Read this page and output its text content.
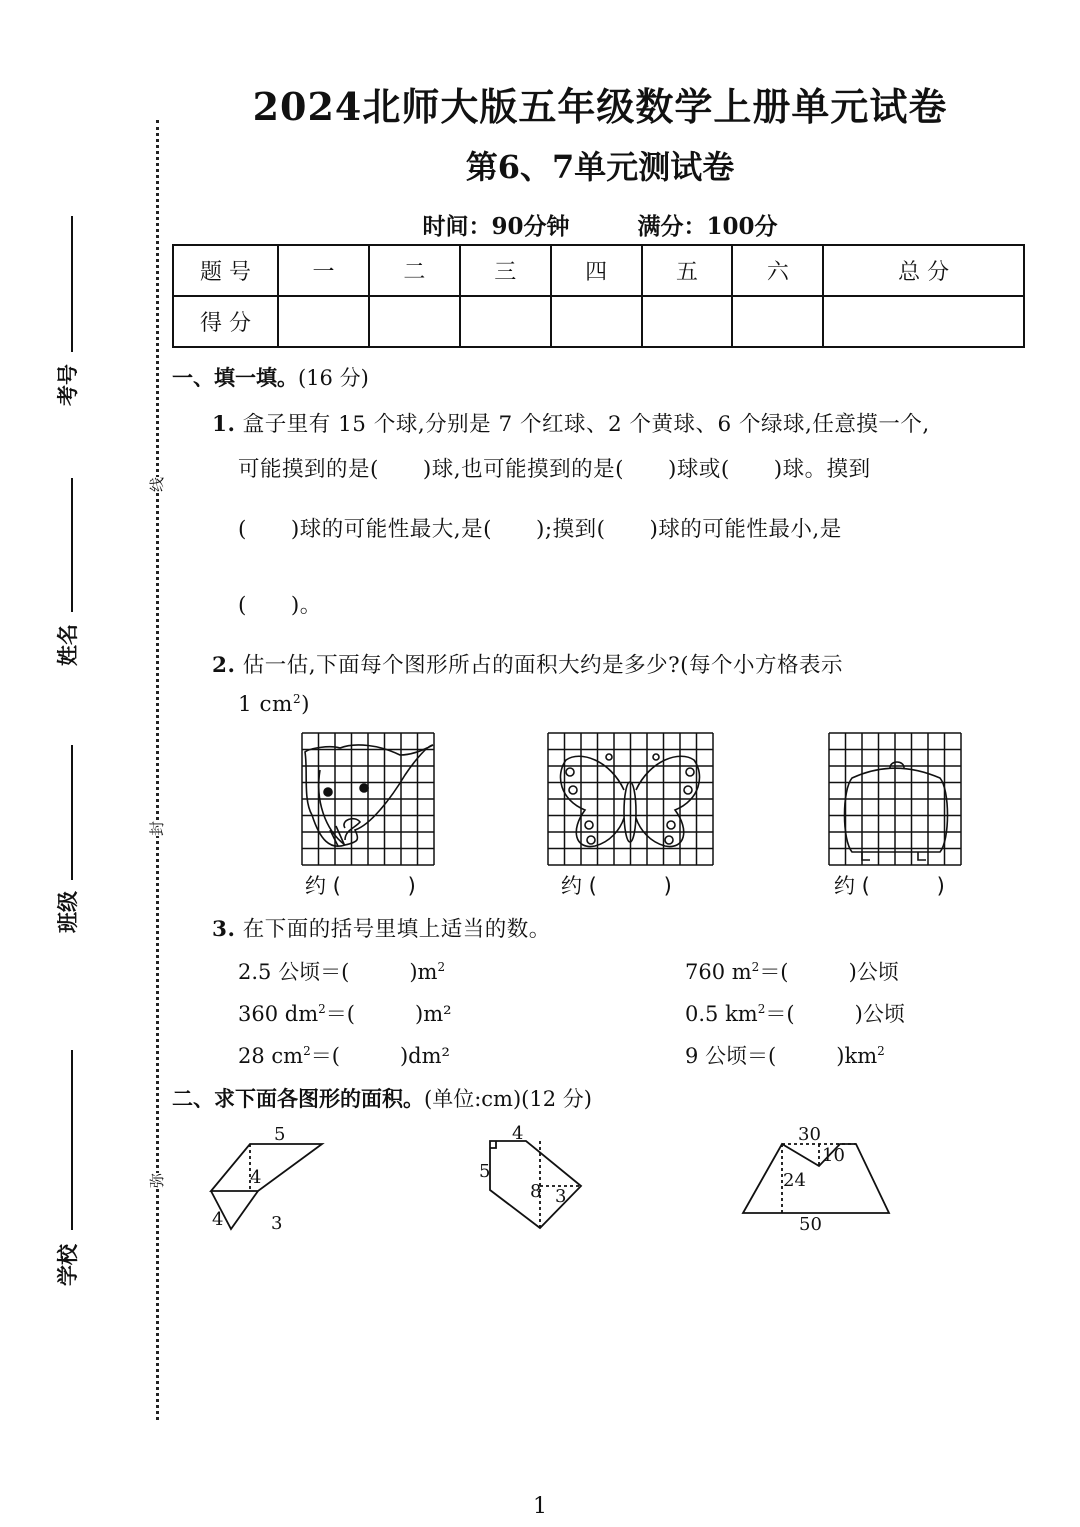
考号
姓名
班级
学校
线
封
弥
2024北师大版五年级数学上册单元试卷
第6、7单元测试卷
时间：90分钟	满分：100分
题 号	一	二	三	四	五	六	总 分
得 分							
一、填一填。(16 分)
1. 盒子里有 15 个球,分别是 7 个红球、2 个黄球、6 个绿球,任意摸一个,
可能摸到的是(      )球,也可能摸到的是(      )球或(      )球。摸到
(      )球的可能性最大,是(      );摸到(      )球的可能性最小,是
(      )。
2. 估一估,下面每个图形所占的面积大约是多少?(每个小方格表示
1 $cm^2$)
5
4
4	3
4
5
8 3
30
10
24
50
约 (          )	约 (          )	约 (          )
3. 在下面的括号里填上适当的数。
2.5 公顷＝(         )$m^2$	760 $m^2=$(         )公顷
360 $dm^2=$(         )m²	0.5 $km^2=$(         )公顷
28 $cm^2=$(         )dm²	9 公顷＝(         )$km^2$
二、求下面各图形的面积。(单位:cm)(12 分)
1
